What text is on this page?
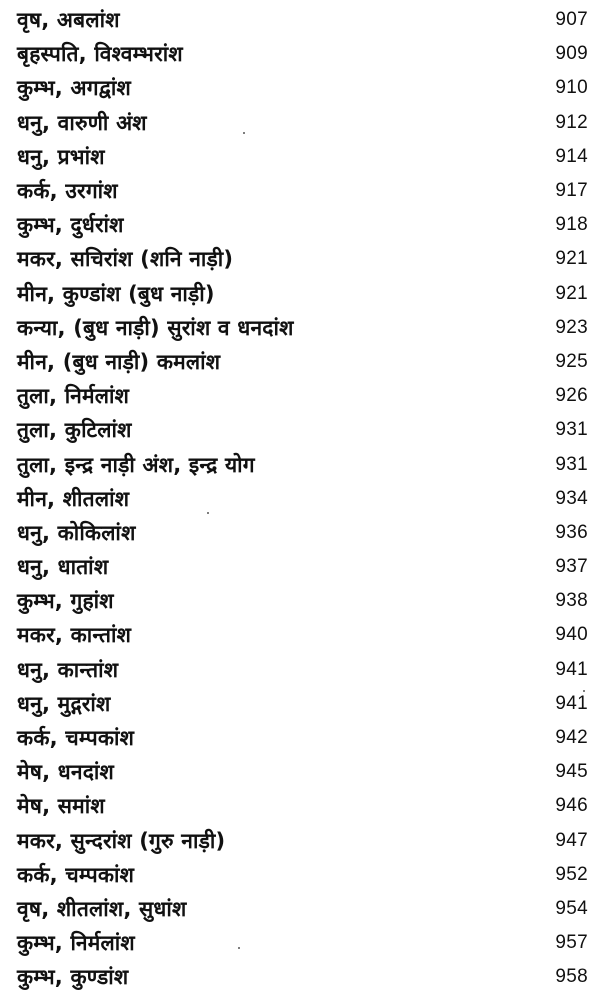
वृष, अबलांश	907
बृहस्पति, विश्वम्भरांश	909
कुम्भ, अगद्वांश	910
धनु, वारुणी अंश	912
धनु, प्रभांश	914
कर्क, उरगांश	917
कुम्भ, दुर्धरांश	918
मकर, सचिरांश (शनि नाड़ी)	921
मीन, कुण्डांश (बुध नाड़ी)	921
कन्या, (बुध नाड़ी) सुरांश व धनदांश	923
मीन, (बुध नाड़ी) कमलांश	925
तुला, निर्मलांश	926
तुला, कुटिलांश	931
तुला, इन्द्र नाड़ी अंश, इन्द्र योग	931
मीन, शीतलांश	934
धनु, कोकिलांश	936
धनु, धातांश	937
कुम्भ, गुहांश	938
मकर, कान्तांश	940
धनु, कान्तांश	941
धनु, मुद्गरांश	941
कर्क, चम्पकांश	942
मेष, धनदांश	945
मेष, समांश	946
मकर, सुन्दरांश (गुरु नाड़ी)	947
कर्क, चम्पकांश	952
वृष, शीतलांश, सुधांश	954
कुम्भ, निर्मलांश	957
कुम्भ, कुण्डांश	958
